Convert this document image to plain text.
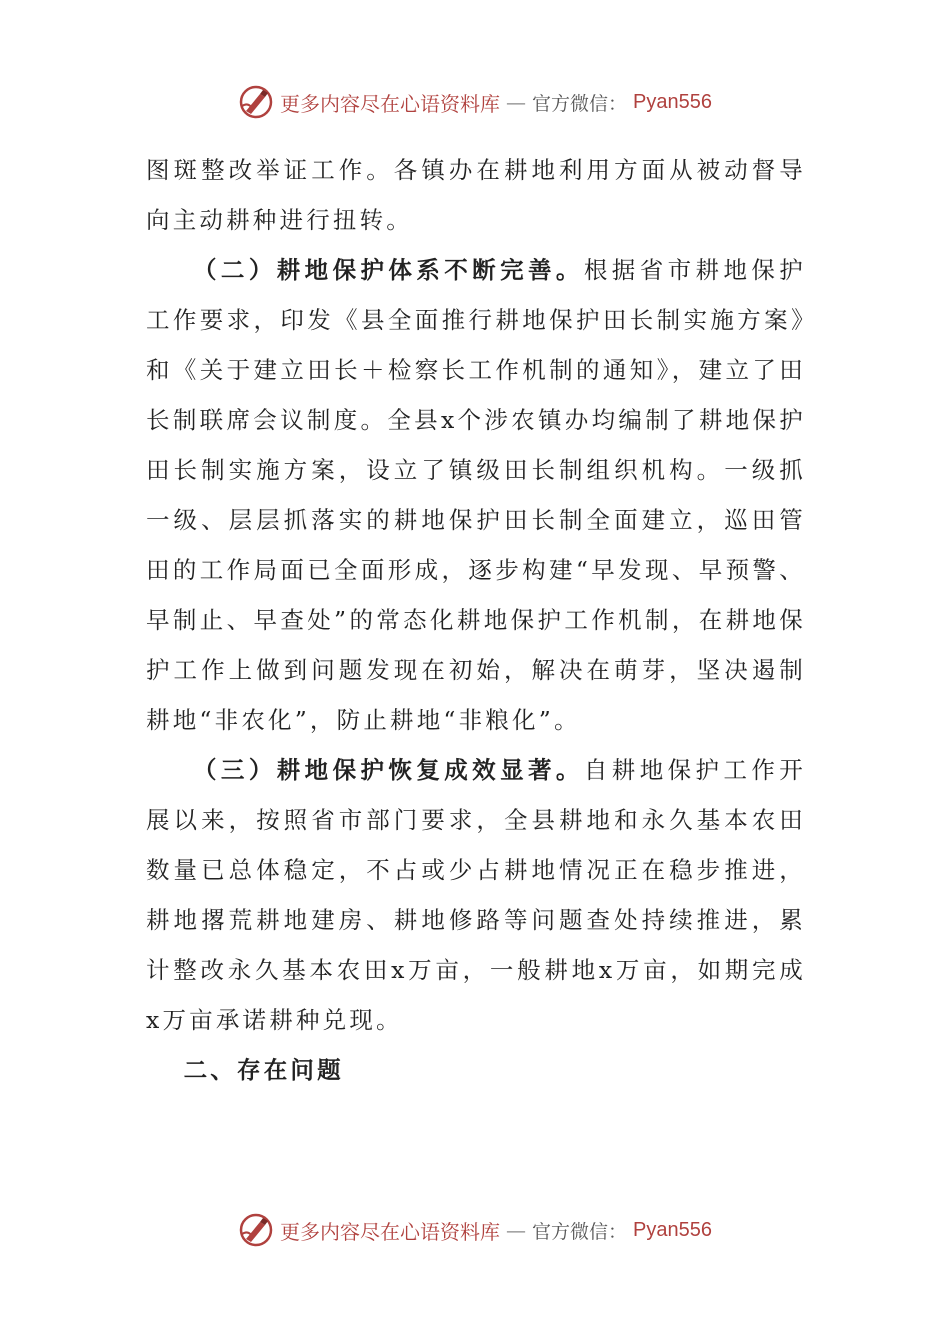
更多内容尽在心语资料库 — 官方微信： Pyan556

图斑整改举证工作。各镇办在耕地利用方面从被动督导向主动耕种进行扭转。

（二）耕地保护体系不断完善。根据省市耕地保护工作要求，印发《县全面推行耕地保护田长制实施方案》和《关于建立田长＋检察长工作机制的通知》，建立了田长制联席会议制度。全县x个涉农镇办均编制了耕地保护田长制实施方案，设立了镇级田长制组织机构。一级抓一级、层层抓落实的耕地保护田长制全面建立，巡田管田的工作局面已全面形成，逐步构建“早发现、早预警、早制止、早查处”的常态化耕地保护工作机制，在耕地保护工作上做到问题发现在初始，解决在萌芽，坚决遏制耕地“非农化”，防止耕地“非粮化”。

（三）耕地保护恢复成效显著。自耕地保护工作开展以来，按照省市部门要求，全县耕地和永久基本农田数量已总体稳定，不占或少占耕地情况正在稳步推进，耕地撂荒耕地建房、耕地修路等问题查处持续推进，累计整改永久基本农田x万亩，一般耕地x万亩，如期完成x万亩承诺耕种兑现。

二、存在问题

更多内容尽在心语资料库 — 官方微信： Pyan556
